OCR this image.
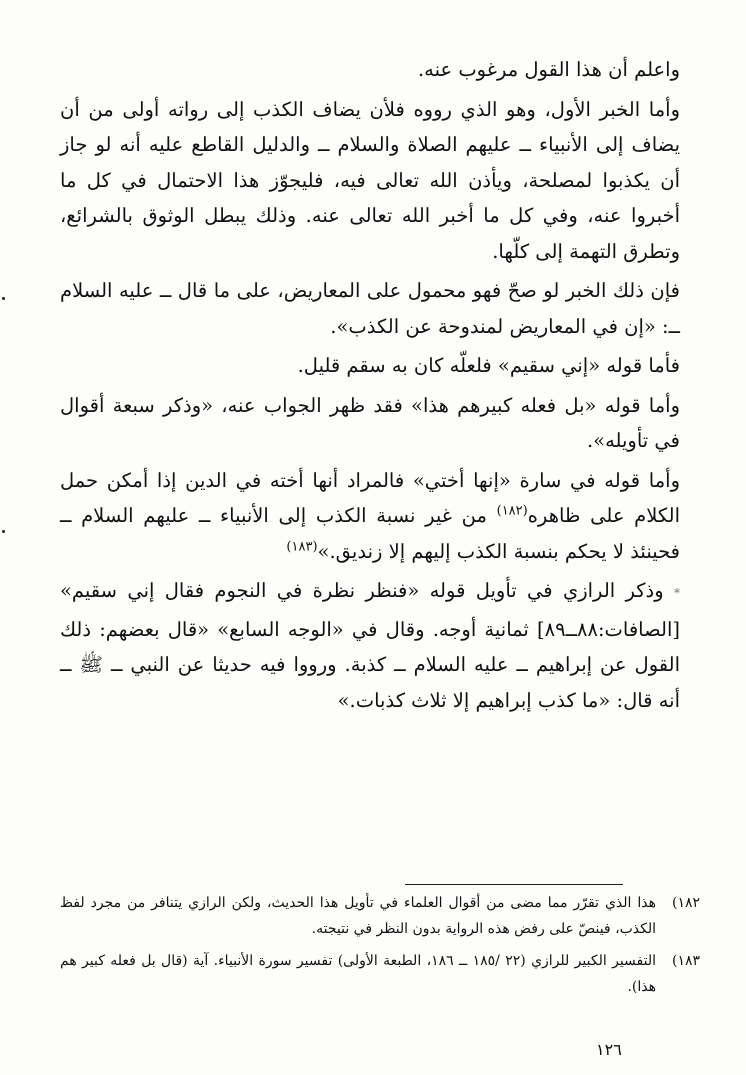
واعلم أن هذا القول مرغوب عنه.

وأما الخبر الأول، وهو الذي رووه فلأن يضاف الكذب إلى رواته أولى من أن يضاف إلى الأنبياء ــ عليهم الصلاة والسلام ــ والدليل القاطع عليه أنه لو جاز أن يكذبوا لمصلحة، ويأذن الله تعالى فيه، فليجوّز هذا الاحتمال في كل ما أخبروا عنه، وفي كل ما أخبر الله تعالى عنه. وذلك يبطل الوثوق بالشرائع، وتطرق التهمة إلى كلّها.

فإن ذلك الخبر لو صحّ فهو محمول على المعاريض، على ما قال ــ عليه السلام ــ: «إن في المعاريض لمندوحة عن الكذب».

فأما قوله «إني سقيم» فلعلّه كان به سقم قليل.

وأما قوله «بل فعله كبيرهم هذا» فقد ظهر الجواب عنه، «وذكر سبعة أقوال في تأويله».

وأما قوله في سارة «إنها أختي» فالمراد أنها أخته في الدين إذا أمكن حمل الكلام على ظاهره$^{(١٨٢)}$ من غير نسبة الكذب إلى الأنبياء ــ عليهم السلام ــ فحينئذ لا يحكم بنسبة الكذب إليهم إلا زنديق.»$^{(١٨٣)}$

* وذكر الرازي في تأويل قوله «فنظر نظرة في النجوم فقال إني سقيم» [الصافات:٨٨ــ٨٩] ثمانية أوجه. وقال في «الوجه السابع» «قال بعضهم: ذلك القول عن إبراهيم ــ عليه السلام ــ كذبة. ورووا فيه حديثا عن النبي ــ ﷺ ــ أنه قال: «ما كذب إبراهيم إلا ثلاث كذبات.»

١٨٢)
هذا الذي تقرّر مما مضى من أقوال العلماء في تأويل هذا الحديث، ولكن الرازي يتنافر من مجرد لفظ الكذب، فينصّ على رفض هذه الرواية بدون النظر في نتيجته.
١٨٣)
التفسير الكبير للرازي (٢٢ /١٨٥ ــ ١٨٦، الطبعة الأولى) تفسير سورة الأنبياء. آية (قال بل فعله كبير هم هذا).
١٢٦
